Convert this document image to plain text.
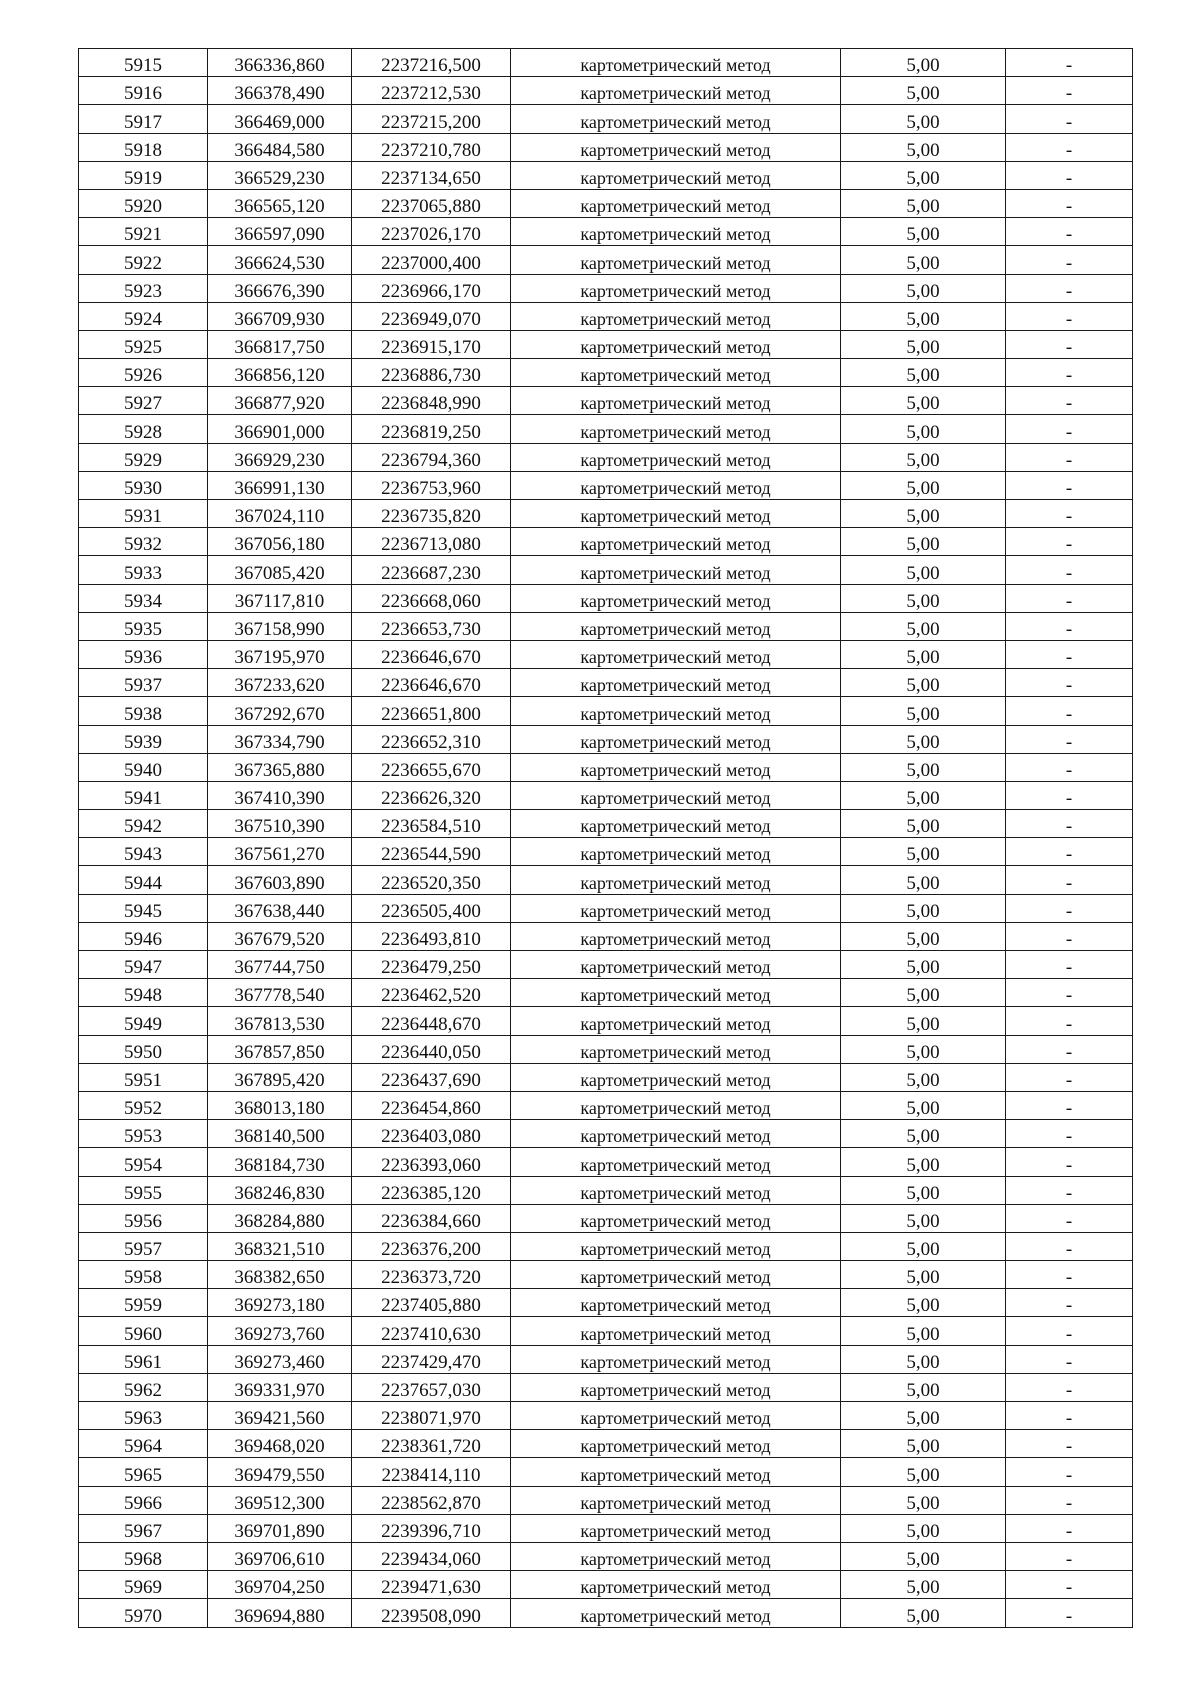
5915	366336,860	2237216,500	картометрический метод	5,00	-
5916	366378,490	2237212,530	картометрический метод	5,00	-
5917	366469,000	2237215,200	картометрический метод	5,00	-
5918	366484,580	2237210,780	картометрический метод	5,00	-
5919	366529,230	2237134,650	картометрический метод	5,00	-
5920	366565,120	2237065,880	картометрический метод	5,00	-
5921	366597,090	2237026,170	картометрический метод	5,00	-
5922	366624,530	2237000,400	картометрический метод	5,00	-
5923	366676,390	2236966,170	картометрический метод	5,00	-
5924	366709,930	2236949,070	картометрический метод	5,00	-
5925	366817,750	2236915,170	картометрический метод	5,00	-
5926	366856,120	2236886,730	картометрический метод	5,00	-
5927	366877,920	2236848,990	картометрический метод	5,00	-
5928	366901,000	2236819,250	картометрический метод	5,00	-
5929	366929,230	2236794,360	картометрический метод	5,00	-
5930	366991,130	2236753,960	картометрический метод	5,00	-
5931	367024,110	2236735,820	картометрический метод	5,00	-
5932	367056,180	2236713,080	картометрический метод	5,00	-
5933	367085,420	2236687,230	картометрический метод	5,00	-
5934	367117,810	2236668,060	картометрический метод	5,00	-
5935	367158,990	2236653,730	картометрический метод	5,00	-
5936	367195,970	2236646,670	картометрический метод	5,00	-
5937	367233,620	2236646,670	картометрический метод	5,00	-
5938	367292,670	2236651,800	картометрический метод	5,00	-
5939	367334,790	2236652,310	картометрический метод	5,00	-
5940	367365,880	2236655,670	картометрический метод	5,00	-
5941	367410,390	2236626,320	картометрический метод	5,00	-
5942	367510,390	2236584,510	картометрический метод	5,00	-
5943	367561,270	2236544,590	картометрический метод	5,00	-
5944	367603,890	2236520,350	картометрический метод	5,00	-
5945	367638,440	2236505,400	картометрический метод	5,00	-
5946	367679,520	2236493,810	картометрический метод	5,00	-
5947	367744,750	2236479,250	картометрический метод	5,00	-
5948	367778,540	2236462,520	картометрический метод	5,00	-
5949	367813,530	2236448,670	картометрический метод	5,00	-
5950	367857,850	2236440,050	картометрический метод	5,00	-
5951	367895,420	2236437,690	картометрический метод	5,00	-
5952	368013,180	2236454,860	картометрический метод	5,00	-
5953	368140,500	2236403,080	картометрический метод	5,00	-
5954	368184,730	2236393,060	картометрический метод	5,00	-
5955	368246,830	2236385,120	картометрический метод	5,00	-
5956	368284,880	2236384,660	картометрический метод	5,00	-
5957	368321,510	2236376,200	картометрический метод	5,00	-
5958	368382,650	2236373,720	картометрический метод	5,00	-
5959	369273,180	2237405,880	картометрический метод	5,00	-
5960	369273,760	2237410,630	картометрический метод	5,00	-
5961	369273,460	2237429,470	картометрический метод	5,00	-
5962	369331,970	2237657,030	картометрический метод	5,00	-
5963	369421,560	2238071,970	картометрический метод	5,00	-
5964	369468,020	2238361,720	картометрический метод	5,00	-
5965	369479,550	2238414,110	картометрический метод	5,00	-
5966	369512,300	2238562,870	картометрический метод	5,00	-
5967	369701,890	2239396,710	картометрический метод	5,00	-
5968	369706,610	2239434,060	картометрический метод	5,00	-
5969	369704,250	2239471,630	картометрический метод	5,00	-
5970	369694,880	2239508,090	картометрический метод	5,00	-
